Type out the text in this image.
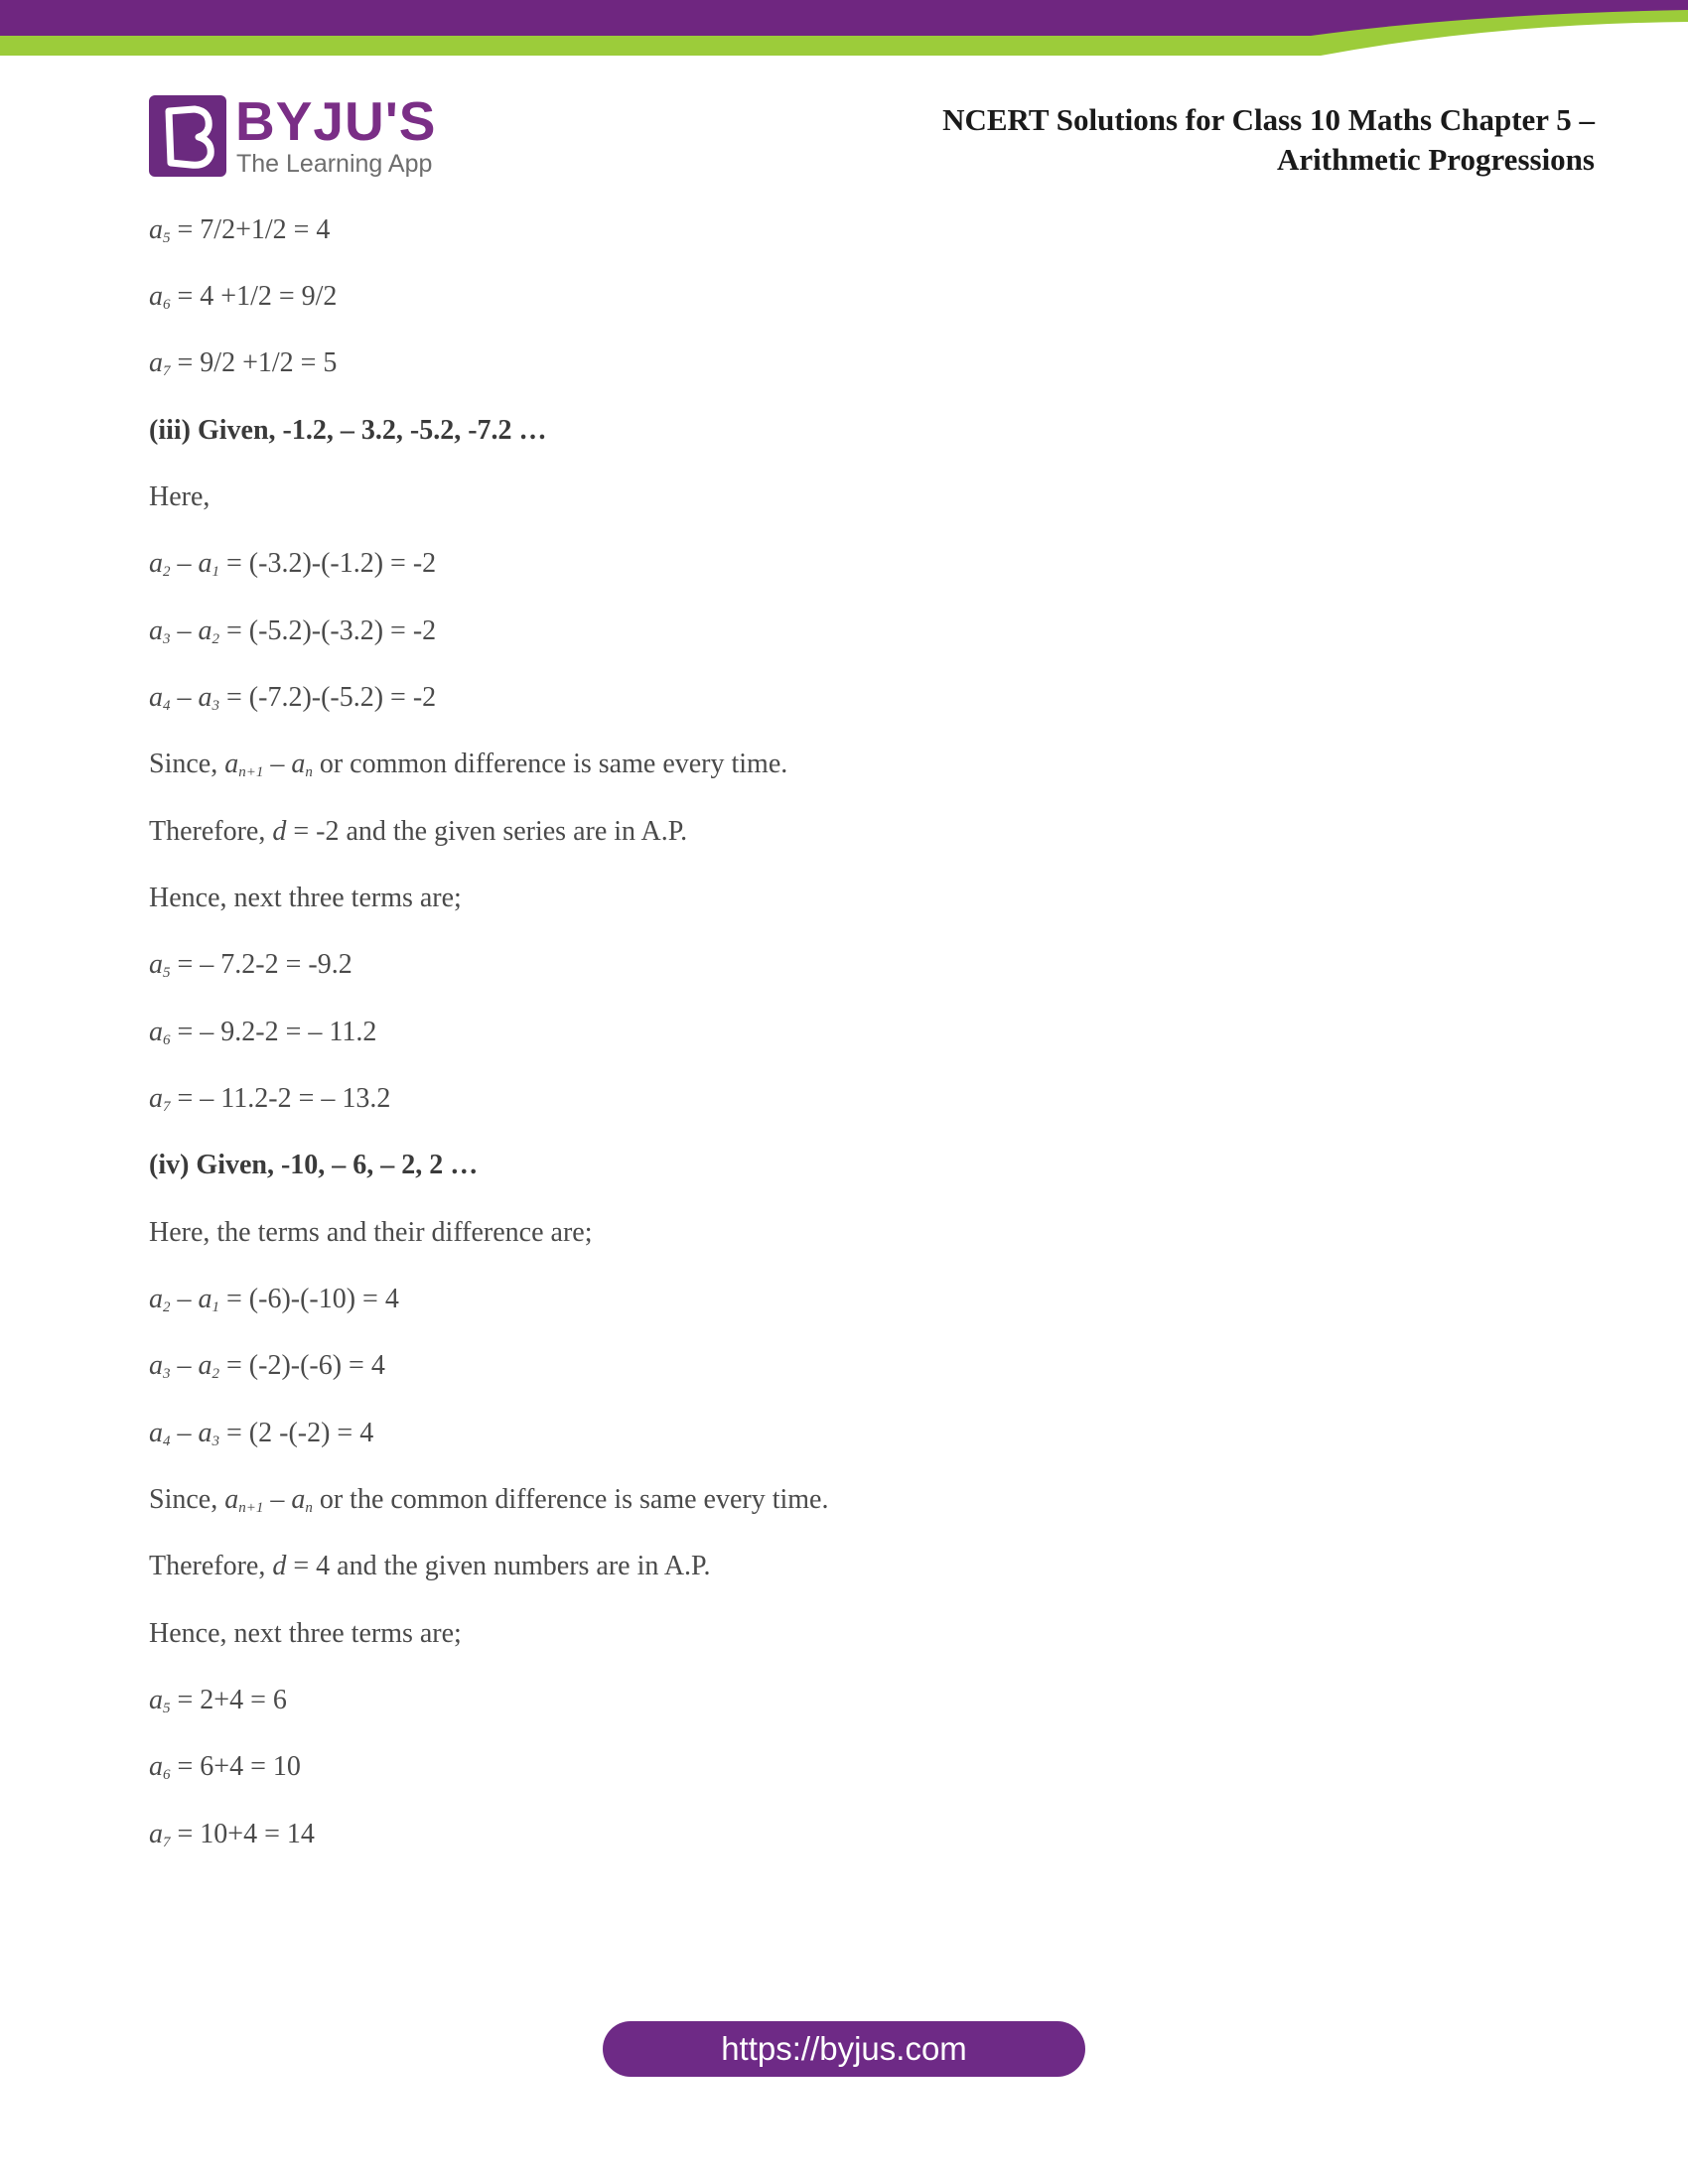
BYJU'S
The Learning App
NCERT Solutions for Class 10 Maths Chapter 5 –
Arithmetic Progressions
$a_5 = 7/2+1/2 = 4$
$a_6 = 4 +1/2 = 9/2$
$a_7 = 9/2 +1/2 = 5$
(iii) Given, -1.2, – 3.2, -5.2, -7.2 …
Here,
$a_2 - a_1 = (-3.2)-(-1.2) = -2$
$a_3 - a_2 = (-5.2)-(-3.2) = -2$
$a_4 - a_3 = (-7.2)-(-5.2) = -2$
Since, $a_{n+1} - a_n$ or common difference is same every time.
Therefore, d = -2 and the given series are in A.P.
Hence, next three terms are;
$a_5$ = – 7.2-2 = -9.2
$a_6$ = – 9.2-2 = – 11.2
$a_7$ = – 11.2-2 = – 13.2
(iv) Given, -10, – 6, – 2, 2 …
Here, the terms and their difference are;
$a_2 - a_1 = (-6)-(-10) = 4$
$a_3 - a_2 = (-2)-(-6) = 4$
$a_4 - a_3 = (2$ -(-2) = 4
Since, $a_{n+1} - a_n$ or the common difference is same every time.
Therefore, d = 4 and the given numbers are in A.P.
Hence, next three terms are;
$a_5 = 2+4 = 6$
$a_6 = 6+4 = 10$
$a_7 = 10+4 = 14$
https://byjus.com
